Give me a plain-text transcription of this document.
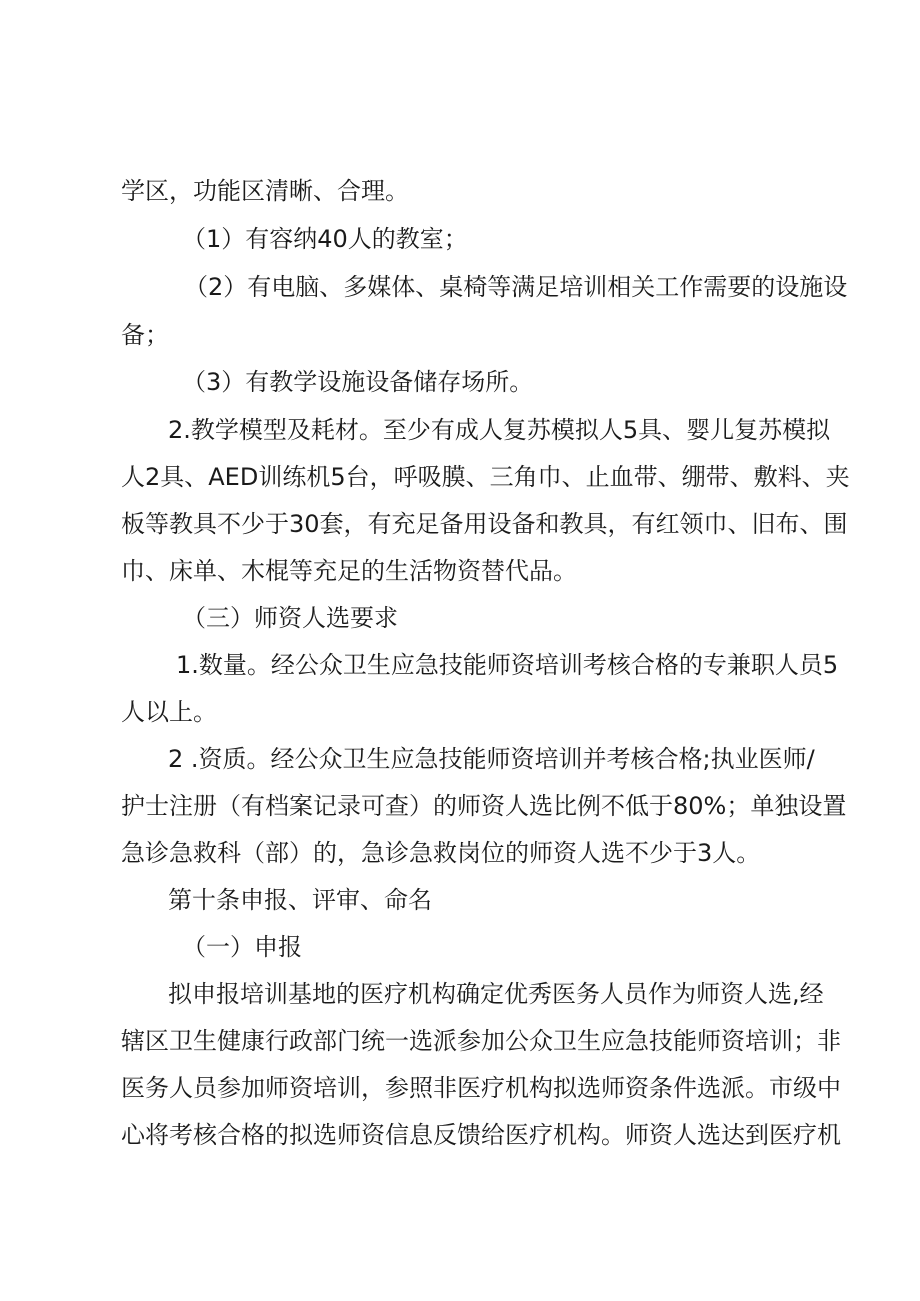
学区，功能区清晰、合理。
（1）有容纳40人的教室；
（2）有电脑、多媒体、桌椅等满足培训相关工作需要的设施设
备；
（3）有教学设施设备储存场所。
2.教学模型及耗材。至少有成人复苏模拟人5具、婴儿复苏模拟
人2具、AED训练机5台，呼吸膜、三角巾、止血带、绷带、敷料、夹
板等教具不少于30套，有充足备用设备和教具，有红领巾、旧布、围
巾、床单、木棍等充足的生活物资替代品。
（三）师资人选要求
1.数量。经公众卫生应急技能师资培训考核合格的专兼职人员5
人以上。
2 .资质。经公众卫生应急技能师资培训并考核合格;执业医师/
护士注册（有档案记录可查）的师资人选比例不低于80%；单独设置
急诊急救科（部）的，急诊急救岗位的师资人选不少于3人。
第十条申报、评审、命名
（一）申报
拟申报培训基地的医疗机构确定优秀医务人员作为师资人选,经
辖区卫生健康行政部门统一选派参加公众卫生应急技能师资培训；非
医务人员参加师资培训，参照非医疗机构拟选师资条件选派。市级中
心将考核合格的拟选师资信息反馈给医疗机构。师资人选达到医疗机
